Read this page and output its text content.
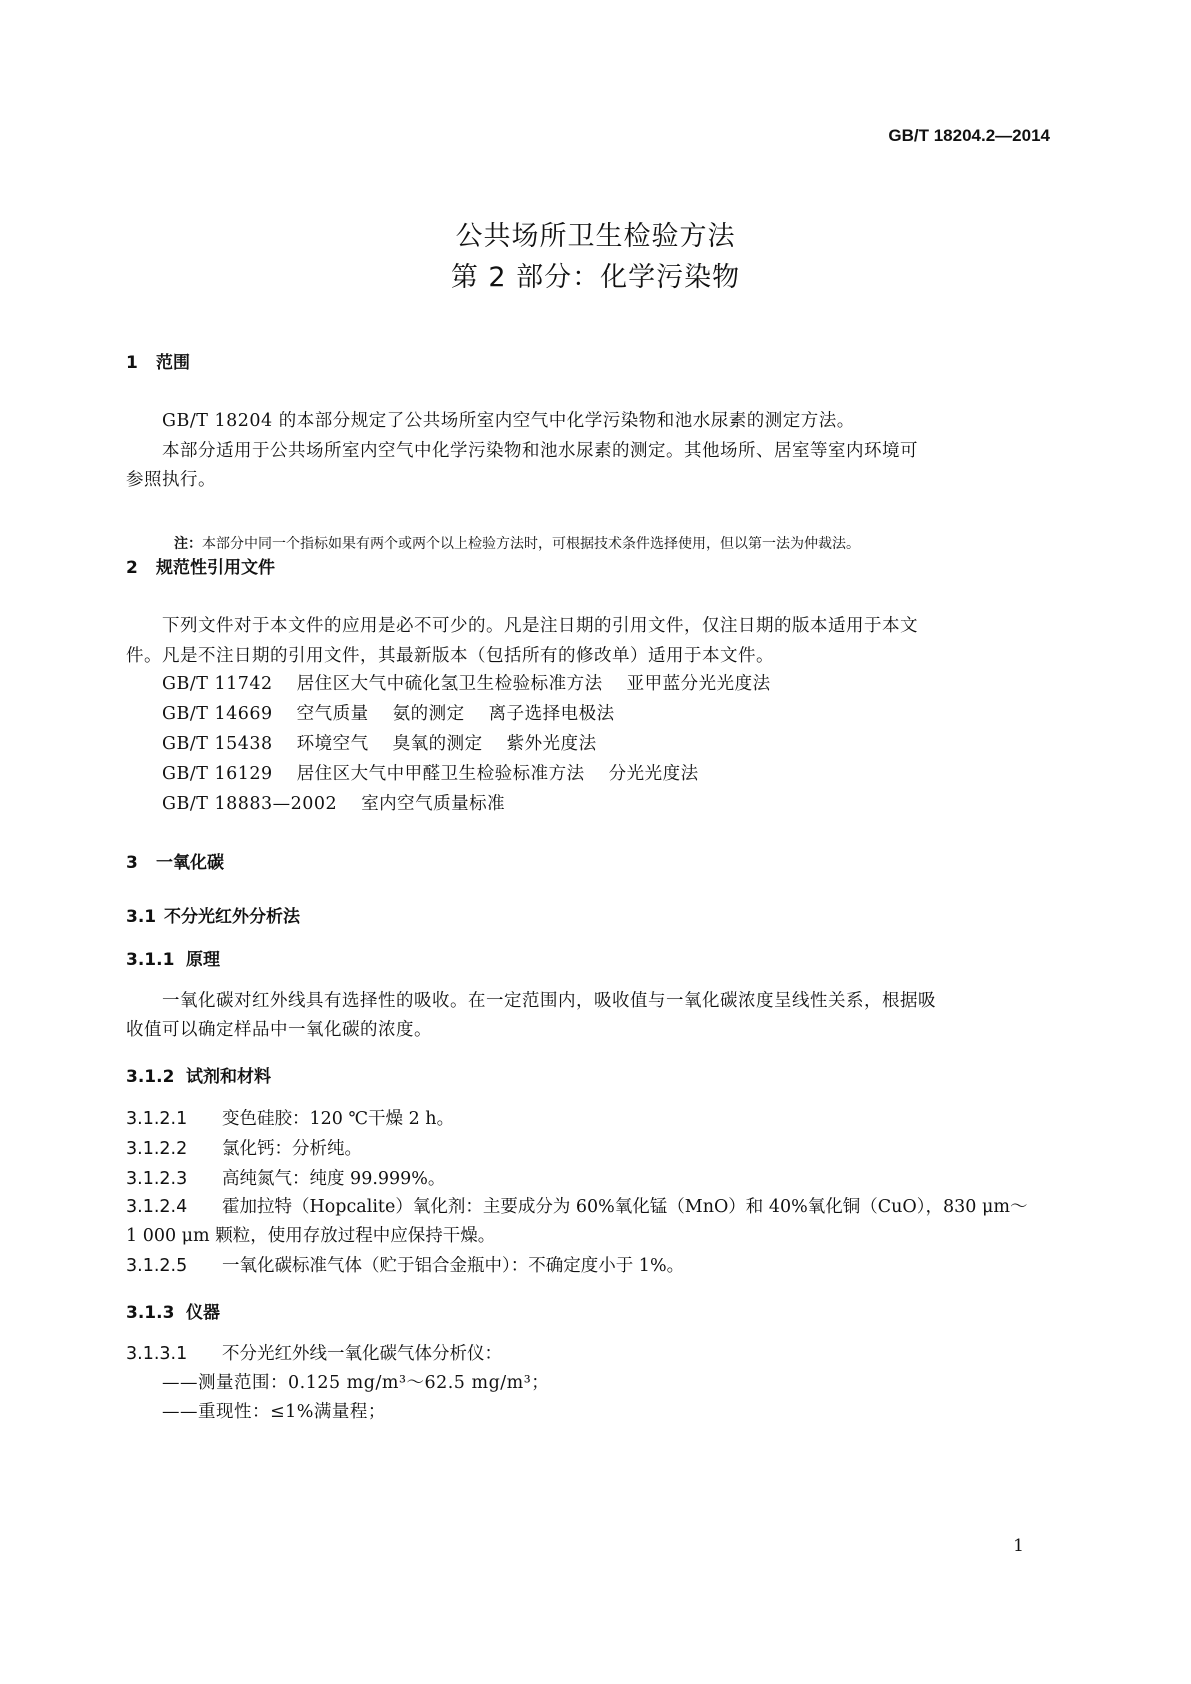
GB/T 18204.2—2014
公共场所卫生检验方法
第 2 部分：化学污染物
1 范围
GB/T 18204 的本部分规定了公共场所室内空气中化学污染物和池水尿素的测定方法。
本部分适用于公共场所室内空气中化学污染物和池水尿素的测定。其他场所、居室等室内环境可
参照执行。
注：本部分中同一个指标如果有两个或两个以上检验方法时，可根据技术条件选择使用，但以第一法为仲裁法。
2 规范性引用文件
下列文件对于本文件的应用是必不可少的。凡是注日期的引用文件，仅注日期的版本适用于本文
件。凡是不注日期的引用文件，其最新版本（包括所有的修改单）适用于本文件。
GB/T 11742 居住区大气中硫化氢卫生检验标准方法 亚甲蓝分光光度法
GB/T 14669 空气质量 氨的测定 离子选择电极法
GB/T 15438 环境空气 臭氧的测定 紫外光度法
GB/T 16129 居住区大气中甲醛卫生检验标准方法 分光光度法
GB/T 18883—2002 室内空气质量标准
3 一氧化碳
3.1 不分光红外分析法
3.1.1 原理
一氧化碳对红外线具有选择性的吸收。在一定范围内，吸收值与一氧化碳浓度呈线性关系，根据吸
收值可以确定样品中一氧化碳的浓度。
3.1.2 试剂和材料
3.1.2.1 变色硅胶：120 ℃干燥 2 h。
3.1.2.2 氯化钙：分析纯。
3.1.2.3 高纯氮气：纯度 99.999%。
3.1.2.4 霍加拉特（Hopcalite）氧化剂：主要成分为 60%氧化锰（MnO）和 40%氧化铜（CuO），830 μm～
1 000 μm 颗粒，使用存放过程中应保持干燥。
3.1.2.5 一氧化碳标准气体（贮于铝合金瓶中）：不确定度小于 1%。
3.1.3 仪器
3.1.3.1 不分光红外线一氧化碳气体分析仪：
——测量范围：0.125 mg/m³～62.5 mg/m³；
——重现性：≤1%满量程；
1
